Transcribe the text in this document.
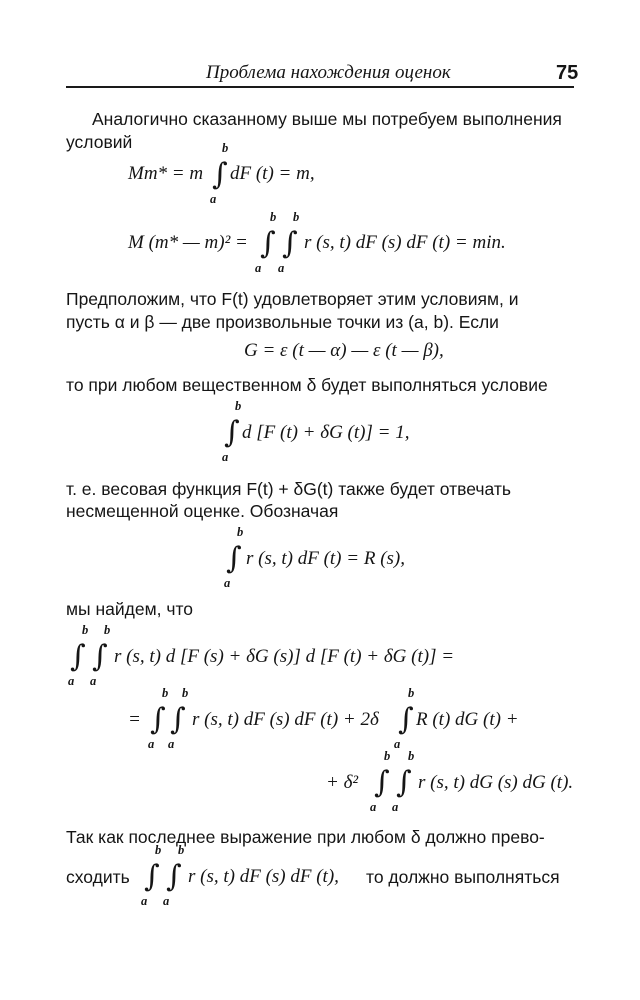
Проблема нахождения оценок	75
Аналогично сказанному выше мы потребуем выполнения
условий
Mm* = m ∫
b
a
dF (t) = m,
M (m* — m)² = ∫ ∫
b b
a a
r (s, t) dF (s) dF (t) = min.
Предположим, что F(t) удовлетворяет этим условиям, и
пусть α и β — две произвольные точки из (a, b). Если
G = ε (t — α) — ε (t — β),
то при любом вещественном δ будет выполняться условие
∫
b
a
d [F (t) + δG (t)] = 1,
т. е. весовая функция F(t) + δG(t) также будет отвечать
несмещенной оценке. Обозначая
∫
b
a
r (s, t) dF (t) = R (s),
мы найдем, что
∫ ∫
b b
a a
r (s, t) d [F (s) + δG (s)] d [F (t) + δG (t)] =
= ∫ ∫
b b
a a
r (s, t) dF (s) dF (t) + 2δ ∫
b
a
R (t) dG (t) +
+ δ² ∫ ∫
b b
a a
r (s, t) dG (s) dG (t).
Так как последнее выражение при любом δ должно прево-
сходить ∫ ∫
b b
a a
r (s, t) dF (s) dF (t), то должно выполняться
